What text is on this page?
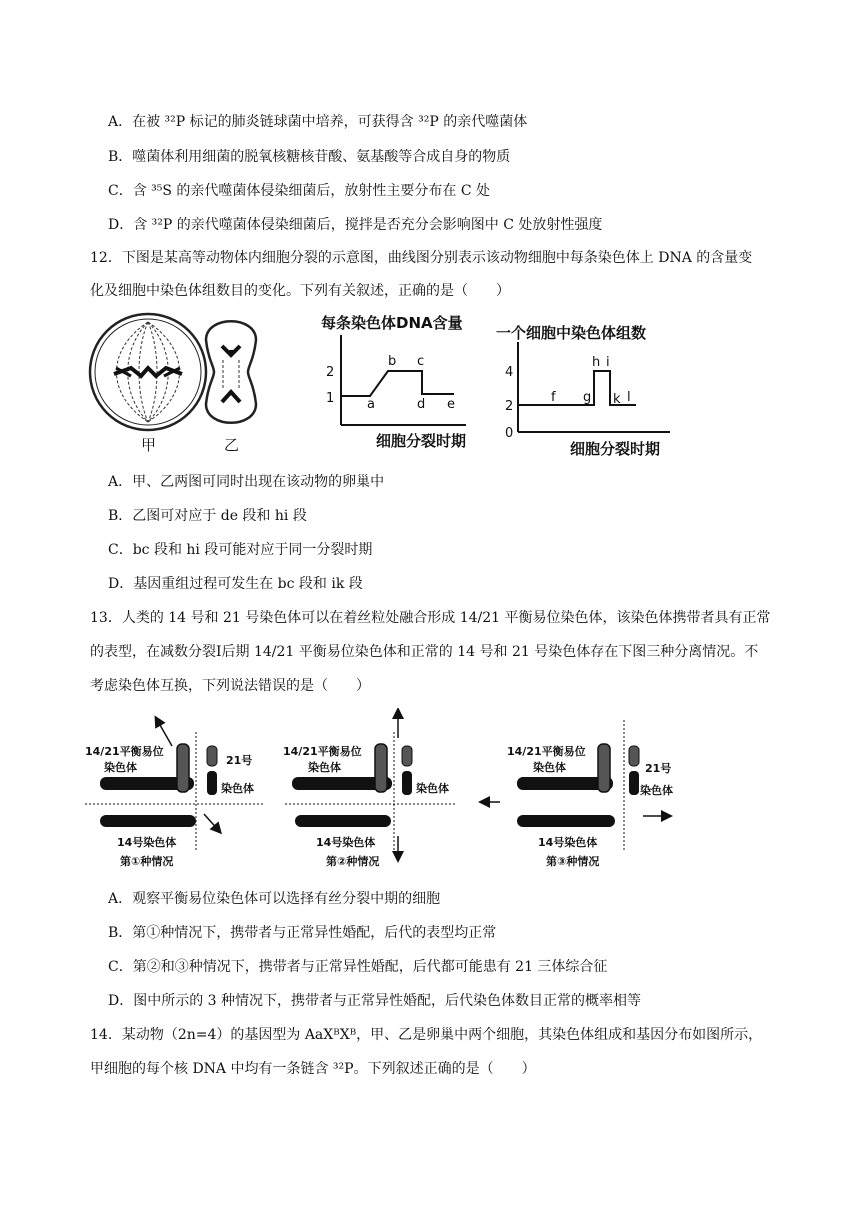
A．在被 ³²P 标记的肺炎链球菌中培养，可获得含 ³²P 的亲代噬菌体
B．噬菌体利用细菌的脱氧核糖核苷酸、氨基酸等合成自身的物质
C．含 ³⁵S 的亲代噬菌体侵染细菌后，放射性主要分布在 C 处
D．含 ³²P 的亲代噬菌体侵染细菌后，搅拌是否充分会影响图中 C 处放射性强度
12．下图是某高等动物体内细胞分裂的示意图，曲线图分别表示该动物细胞中每条染色体上 DNA 的含量变
化及细胞中染色体组数目的变化。下列有关叙述，正确的是（　　）
甲	乙
每条染色体DNA含量
2
1	a
b c
d e
细胞分裂时期
一个细胞中染色体组数
0
2
4
f g
h i
k l
细胞分裂时期
A．甲、乙两图可同时出现在该动物的卵巢中
B．乙图可对应于 de 段和 hi 段
C．bc 段和 hi 段可能对应于同一分裂时期
D．基因重组过程可发生在 bc 段和 ik 段
13．人类的 14 号和 21 号染色体可以在着丝粒处融合形成 14/21 平衡易位染色体，该染色体携带者具有正常
的表型，在减数分裂Ⅰ后期 14/21 平衡易位染色体和正常的 14 号和 21 号染色体存在下图三种分离情况。不
考虑染色体互换，下列说法错误的是（　　）
14/21平衡易位
染色体
21号
染色体
14号染色体
第①种情况
14/21平衡易位
染色体
染色体
14号染色体
第②种情况
14/21平衡易位
染色体	21号
染色体
14号染色体
第③种情况
A．观察平衡易位染色体可以选择有丝分裂中期的细胞
B．第①种情况下，携带者与正常异性婚配，后代的表型均正常
C．第②和③种情况下，携带者与正常异性婚配，后代都可能患有 21 三体综合征
D．图中所示的 3 种情况下，携带者与正常异性婚配，后代染色体数目正常的概率相等
14．某动物（2n=4）的基因型为 AaXᴮXᴮ，甲、乙是卵巢中两个细胞，其染色体组成和基因分布如图所示，
甲细胞的每个核 DNA 中均有一条链含 ³²P。下列叙述正确的是（　　）
